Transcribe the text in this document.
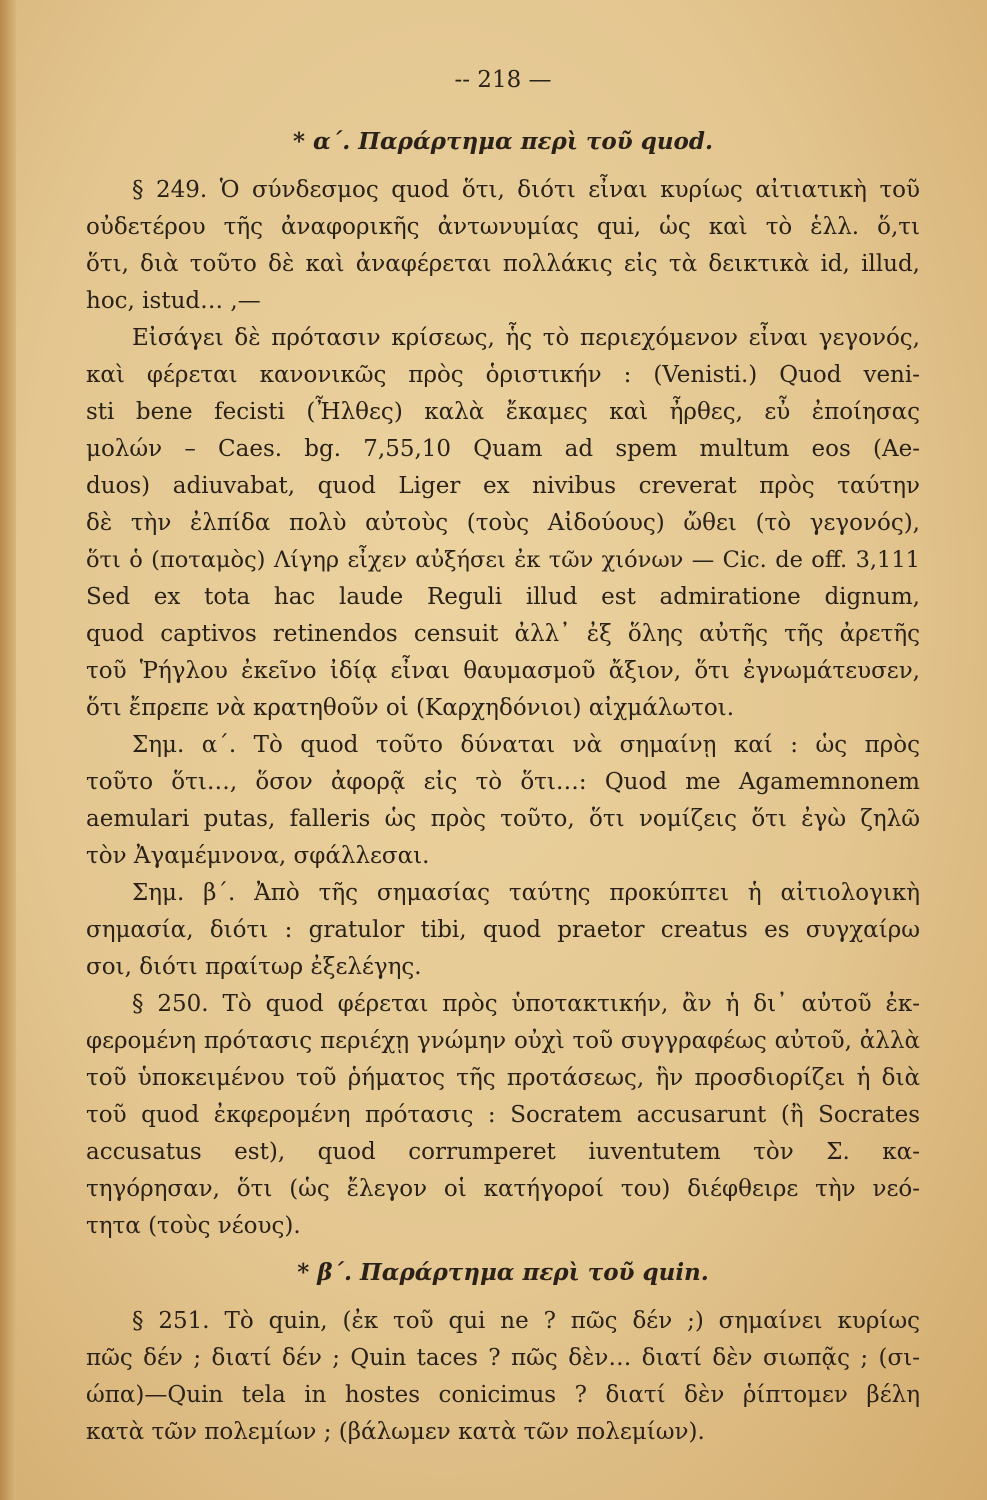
-- 218 —

* α΄. Παράρτημα περὶ τοῦ quod.

§ 249. Ὁ σύνδεσμος quod ὅτι, διότι εἶναι κυρίως αἰτιατικὴ τοῦ

οὐδετέρου τῆς ἀναφορικῆς ἀντωνυμίας qui, ὡς καὶ τὸ ἑλλ. ὅ,τι

ὅτι, διὰ τοῦτο δὲ καὶ ἀναφέρεται πολλάκις εἰς τὰ δεικτικὰ id, illud,

hoc, istud… ,—

Εἰσάγει δὲ πρότασιν κρίσεως, ἧς τὸ περιεχόμενον εἶναι γεγονός,

καὶ φέρεται κανονικῶς πρὸς ὁριστικήν : (Venisti.) Quod veni-

sti bene fecisti (Ἦλθες) καλὰ ἔκαμες καὶ ἦρθες, εὖ ἐποίησας

μολών – Caes. bg. 7,55,10 Quam ad spem multum eos (Ae-

duos) adiuvabat, quod Liger ex nivibus creverat πρὸς ταύτην

δὲ τὴν ἐλπίδα πολὺ αὐτοὺς (τοὺς Αἰδούους) ὤθει (τὸ γεγονός),

ὅτι ὁ (ποταμὸς) Λίγηρ εἶχεν αὐξήσει ἐκ τῶν χιόνων — Cic. de off. 3,111

Sed ex tota hac laude Reguli illud est admiratione dignum,

quod captivos retinendos censuit ἀλλ᾽ ἐξ ὅλης αὐτῆς τῆς ἀρετῆς

τοῦ Ῥήγλου ἐκεῖνο ἰδίᾳ εἶναι θαυμασμοῦ ἄξιον, ὅτι ἐγνωμάτευσεν,

ὅτι ἔπρεπε νὰ κρατηθοῦν οἱ (Καρχηδόνιοι) αἰχμάλωτοι.

Σημ. α΄. Τὸ quod τοῦτο δύναται νὰ σημαίνῃ καί : ὡς πρὸς

τοῦτο ὅτι…, ὅσον ἀφορᾷ εἰς τὸ ὅτι…: Quod me Agamemnonem

aemulari putas, falleris ὡς πρὸς τοῦτο, ὅτι νομίζεις ὅτι ἐγὼ ζηλῶ

τὸν Ἀγαμέμνονα, σφάλλεσαι.

Σημ. β΄. Ἀπὸ τῆς σημασίας ταύτης προκύπτει ἡ αἰτιολογικὴ

σημασία, διότι : gratulor tibi, quod praetor creatus es συγχαίρω

σοι, διότι πραίτωρ ἐξελέγης.

§ 250. Τὸ quod φέρεται πρὸς ὑποτακτικήν, ἂν ἡ δι᾽ αὐτοῦ ἐκ-

φερομένη πρότασις περιέχῃ γνώμην οὐχὶ τοῦ συγγραφέως αὐτοῦ, ἀλλὰ

τοῦ ὑποκειμένου τοῦ ῥήματος τῆς προτάσεως, ἣν προσδιορίζει ἡ διὰ

τοῦ quod ἐκφερομένη πρότασις : Socratem accusarunt (ἢ Socrates

accusatus est), quod corrumperet iuventutem τὸν Σ. κα-

τηγόρησαν, ὅτι (ὡς ἔλεγον οἱ κατήγοροί του) διέφθειρε τὴν νεό-

τητα (τοὺς νέους).

* β΄. Παράρτημα περὶ τοῦ quin.

§ 251. Τὸ quin, (ἐκ τοῦ qui ne ? πῶς δέν ;) σημαίνει κυρίως

πῶς δέν ; διατί δέν ; Quin taces ? πῶς δὲν… διατί δὲν σιωπᾷς ; (σι-

ώπα)—Quin tela in hostes conicimus ? διατί δὲν ῥίπτομεν βέλη

κατὰ τῶν πολεμίων ; (βάλωμεν κατὰ τῶν πολεμίων).
